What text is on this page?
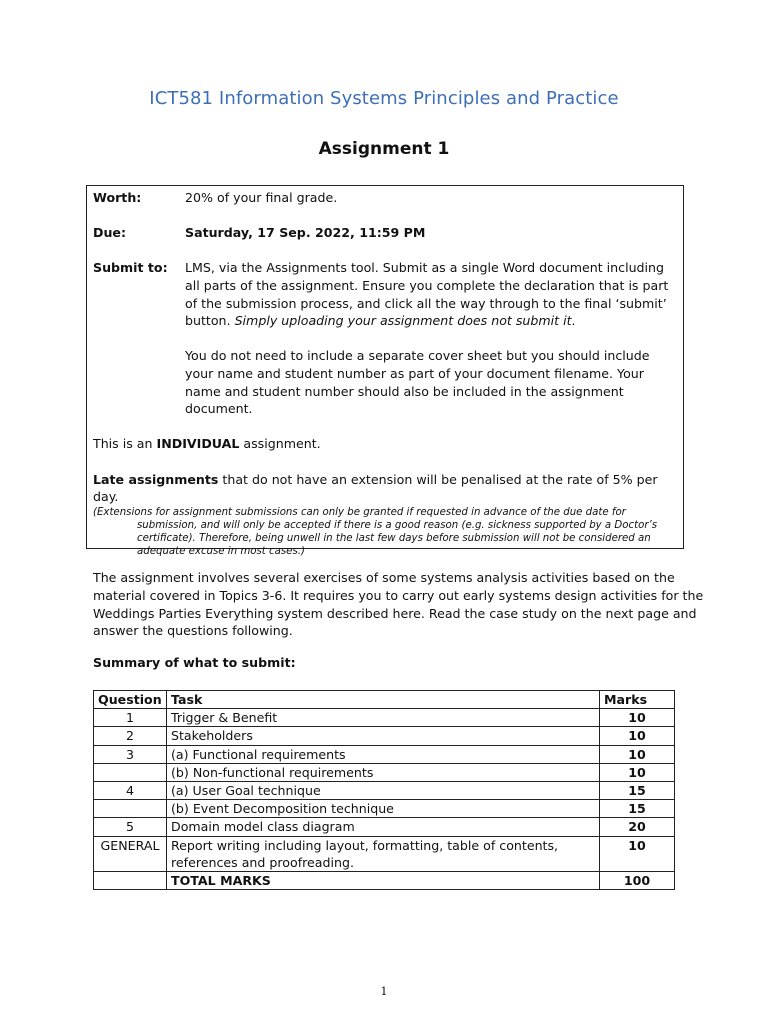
ICT581 Information Systems Principles and Practice
Assignment 1
Worth:	20% of your final grade.
Due:	Saturday, 17 Sep. 2022, 11:59 PM
Submit to:	LMS, via the Assignments tool. Submit as a single Word document including all parts of the assignment. Ensure you complete the declaration that is part of the submission process, and click all the way through to the final ‘submit’ button. Simply uploading your assignment does not submit it.
You do not need to include a separate cover sheet but you should include your name and student number as part of your document filename. Your name and student number should also be included in the assignment document.
This is an INDIVIDUAL assignment.
Late assignments that do not have an extension will be penalised at the rate of 5% per day.
(Extensions for assignment submissions can only be granted if requested in advance of the due date for
submission, and will only be accepted if there is a good reason (e.g. sickness supported by a Doctor’s certificate). Therefore, being unwell in the last few days before submission will not be considered an adequate excuse in most cases.)
The assignment involves several exercises of some systems analysis activities based on the material covered in Topics 3-6. It requires you to carry out early systems design activities for the Weddings Parties Everything system described here. Read the case study on the next page and answer the questions following.
Summary of what to submit:
Question	Task	Marks
1	Trigger & Benefit	10
2	Stakeholders	10
3	(a) Functional requirements	10
	(b) Non-functional requirements	10
4	(a) User Goal technique	15
	(b) Event Decomposition technique	15
5	Domain model class diagram	20
GENERAL	Report writing including layout, formatting, table of contents, references and proofreading.	10
	TOTAL MARKS	100
1
